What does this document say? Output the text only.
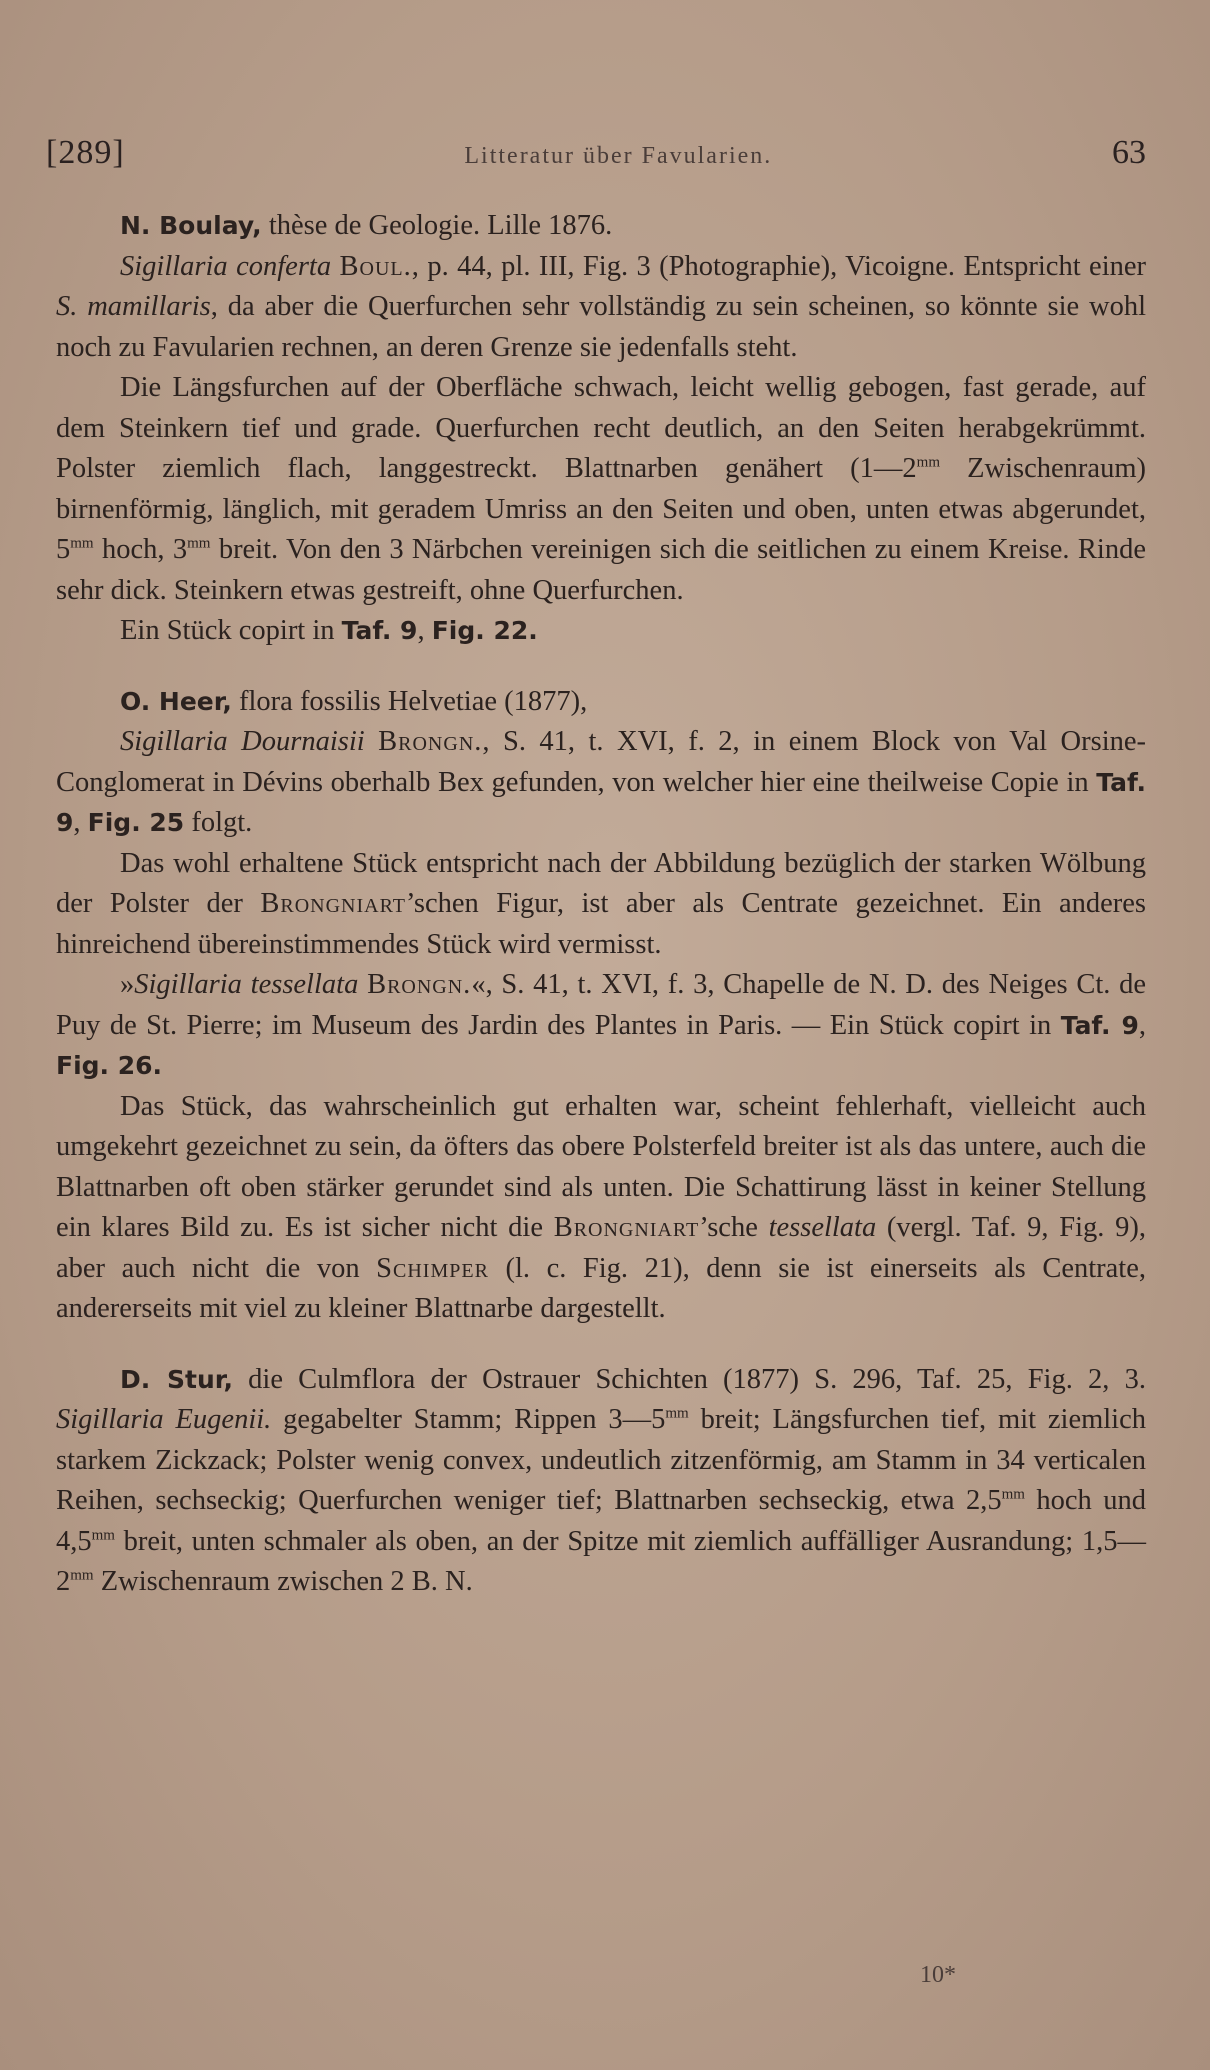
[289]	Litteratur über Favularien.	63

N. Boulay, thèse de Geologie. Lille 1876.

Sigillaria conferta Boul., p. 44, pl. III, Fig. 3 (Photographie), Vicoigne. Entspricht einer S. mamillaris, da aber die Querfurchen sehr vollständig zu sein scheinen, so könnte sie wohl noch zu Favularien rechnen, an deren Grenze sie jedenfalls steht.

Die Längsfurchen auf der Oberfläche schwach, leicht wellig gebogen, fast gerade, auf dem Steinkern tief und grade. Querfurchen recht deutlich, an den Seiten herabgekrümmt. Polster ziemlich flach, langgestreckt. Blattnarben genähert ($1—2^{mm}$ Zwischenraum) birnenförmig, länglich, mit geradem Umriss an den Seiten und oben, unten etwas abgerundet, $5^{mm}$ hoch, $3^{mm}$ breit. Von den 3 Närbchen vereinigen sich die seitlichen zu einem Kreise. Rinde sehr dick. Steinkern etwas gestreift, ohne Querfurchen.

Ein Stück copirt in Taf. 9, Fig. 22.

O. Heer, flora fossilis Helvetiae (1877),

Sigillaria Dournaisii Brongn., S. 41, t. XVI, f. 2, in einem Block von Val Orsine-Conglomerat in Dévins oberhalb Bex gefunden, von welcher hier eine theilweise Copie in Taf. 9, Fig. 25 folgt.

Das wohl erhaltene Stück entspricht nach der Abbildung bezüglich der starken Wölbung der Polster der Brongniart’schen Figur, ist aber als Centrate gezeichnet. Ein anderes hinreichend übereinstimmendes Stück wird vermisst.

»Sigillaria tessellata Brongn.«, S. 41, t. XVI, f. 3, Chapelle de N. D. des Neiges Ct. de Puy de St. Pierre; im Museum des Jardin des Plantes in Paris. — Ein Stück copirt in Taf. 9, Fig. 26.

Das Stück, das wahrscheinlich gut erhalten war, scheint fehlerhaft, vielleicht auch umgekehrt gezeichnet zu sein, da öfters das obere Polsterfeld breiter ist als das untere, auch die Blattnarben oft oben stärker gerundet sind als unten. Die Schattirung lässt in keiner Stellung ein klares Bild zu. Es ist sicher nicht die Brongniart’sche tessellata (vergl. Taf. 9, Fig. 9), aber auch nicht die von Schimper (l. c. Fig. 21), denn sie ist einerseits als Centrate, andererseits mit viel zu kleiner Blattnarbe dargestellt.

D. Stur, die Culmflora der Ostrauer Schichten (1877) S. 296, Taf. 25, Fig. 2, 3. Sigillaria Eugenii. gegabelter Stamm; Rippen $3—5^{mm}$ breit; Längsfurchen tief, mit ziemlich starkem Zickzack; Polster wenig convex, undeutlich zitzenförmig, am Stamm in 34 verticalen Reihen, sechseckig; Querfurchen weniger tief; Blattnarben sechseckig, etwa $2,5^{mm}$ hoch und $4,5^{mm}$ breit, unten schmaler als oben, an der Spitze mit ziemlich auffälliger Ausrandung; $1,5—2^{mm}$ Zwischenraum zwischen 2 B. N.

10*
